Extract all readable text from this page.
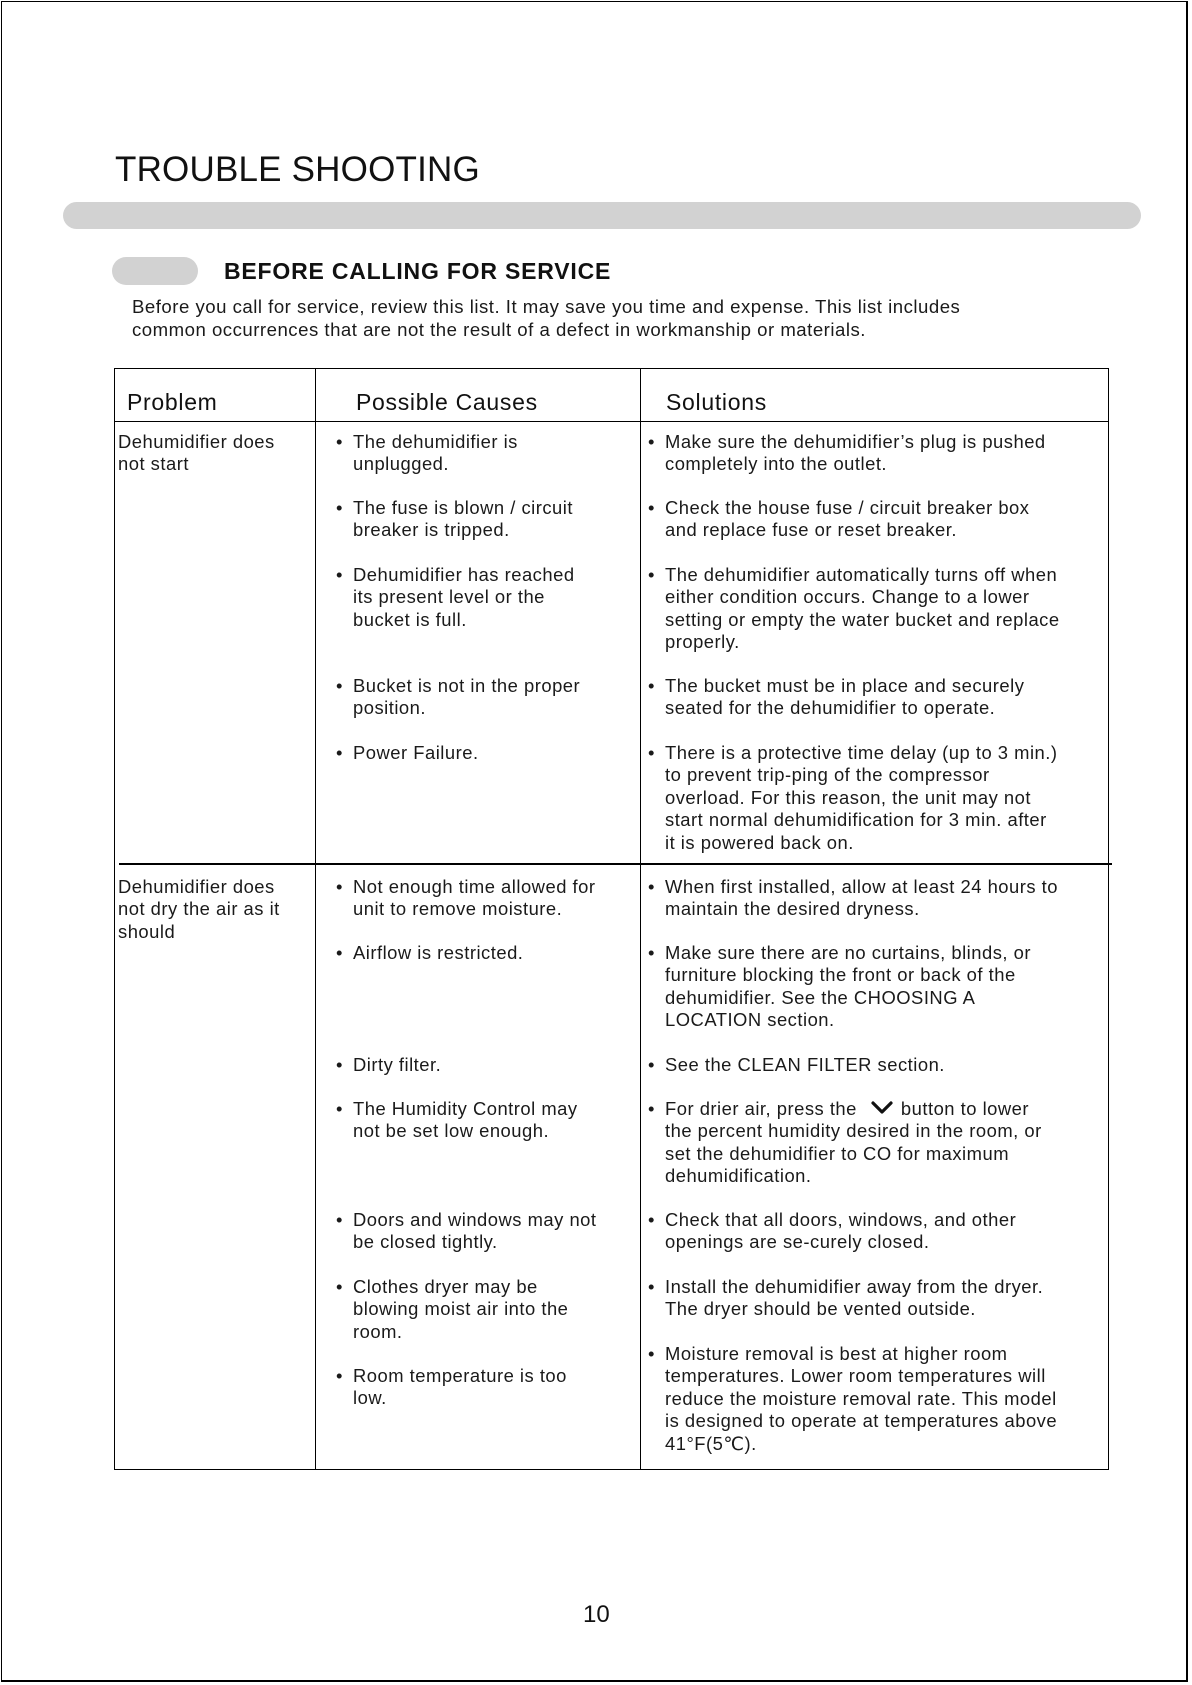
TROUBLE SHOOTING
BEFORE CALLING FOR SERVICE

Before you call for service, review this list. It may save you time and expense. This list includes

common occurrences that are not the result of a defect in workmanship or materials.

Problem	Possible Causes	Solutions
Dehumidifier does
not start
• The dehumidifier is
unplugged.
• The fuse is blown / circuit
breaker is tripped.
• Dehumidifier has reached
its present level or the
bucket is full.
• Bucket is not in the proper
position.
• Power Failure.
• Make sure the dehumidifier’s plug is pushed
completely into the outlet.
• Check the house fuse / circuit breaker box
and replace fuse or reset breaker.
• The dehumidifier automatically turns off when
either condition occurs. Change to a lower
setting or empty the water bucket and replace
properly.
• The bucket must be in place and securely
seated for the dehumidifier to operate.
• There is a protective time delay (up to 3 min.)
to prevent trip-ping of the compressor
overload. For this reason, the unit may not
start normal dehumidification for 3 min. after
it is powered back on.
Dehumidifier does
not dry the air as it
should
• Not enough time allowed for
unit to remove moisture.
• Airflow is restricted.
• Dirty filter.
• The Humidity Control may
not be set low enough.
• Doors and windows may not
be closed tightly.
• Clothes dryer may be
blowing moist air into the
room.
• Room temperature is too
low.
• When first installed, allow at least 24 hours to
maintain the desired dryness.
• Make sure there are no curtains, blinds, or
furniture blocking the front or back of the
dehumidifier. See the CHOOSING A
LOCATION section.
• See the CLEAN FILTER section.
• For drier air, press the button to lower
the percent humidity desired in the room, or
set the dehumidifier to CO for maximum
dehumidification.
• Check that all doors, windows, and other
openings are se-curely closed.
• Install the dehumidifier away from the dryer.
The dryer should be vented outside.
• Moisture removal is best at higher room
temperatures. Lower room temperatures will
reduce the moisture removal rate. This model
is designed to operate at temperatures above
41°F(5℃).
10
